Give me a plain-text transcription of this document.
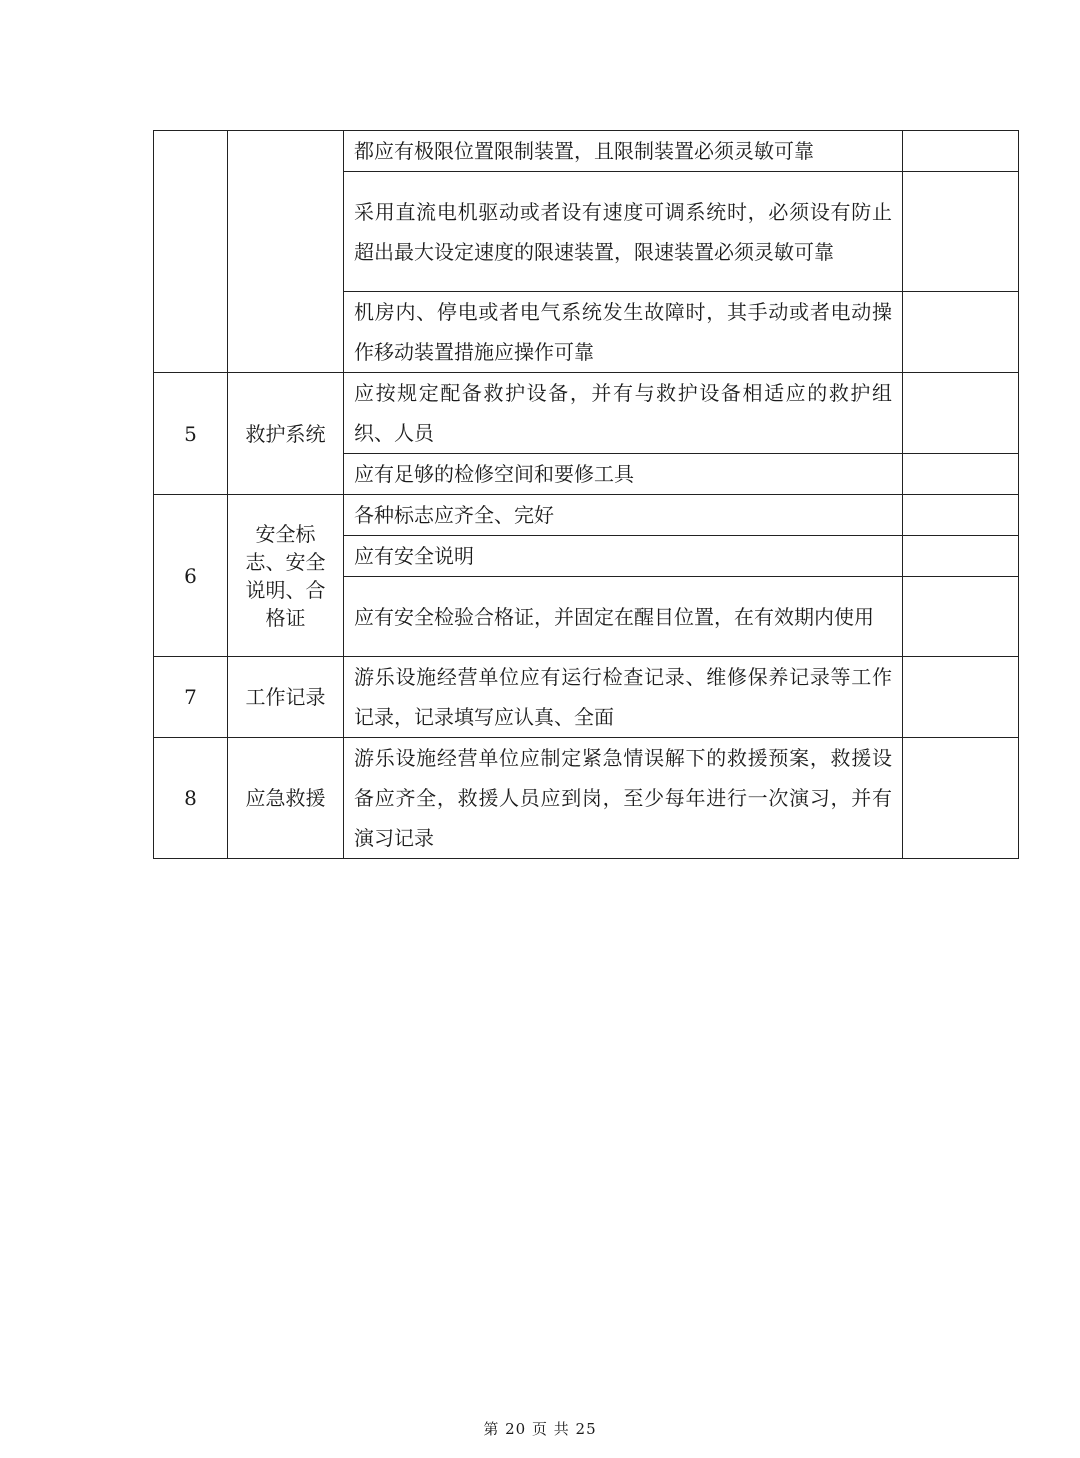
		都应有极限位置限制装置，且限制装置必须灵敏可靠	
		采用直流电机驱动或者设有速度可调系统时，必须设有防止超出最大设定速度的限速装置，限速装置必须灵敏可靠	
		机房内、停电或者电气系统发生故障时，其手动或者电动操作移动装置措施应操作可靠	
5	救护系统	应按规定配备救护设备，并有与救护设备相适应的救护组织、人员	
		应有足够的检修空间和要修工具	
6	安全标志、安全说明、合格证	各种标志应齐全、完好	
		应有安全说明	
		应有安全检验合格证，并固定在醒目位置，在有效期内使用	
7	工作记录	游乐设施经营单位应有运行检查记录、维修保养记录等工作记录，记录填写应认真、全面	
8	应急救援	游乐设施经营单位应制定紧急情误解下的救援预案，救援设备应齐全，救援人员应到岗，至少每年进行一次演习，并有演习记录	
第 20 页 共 25
